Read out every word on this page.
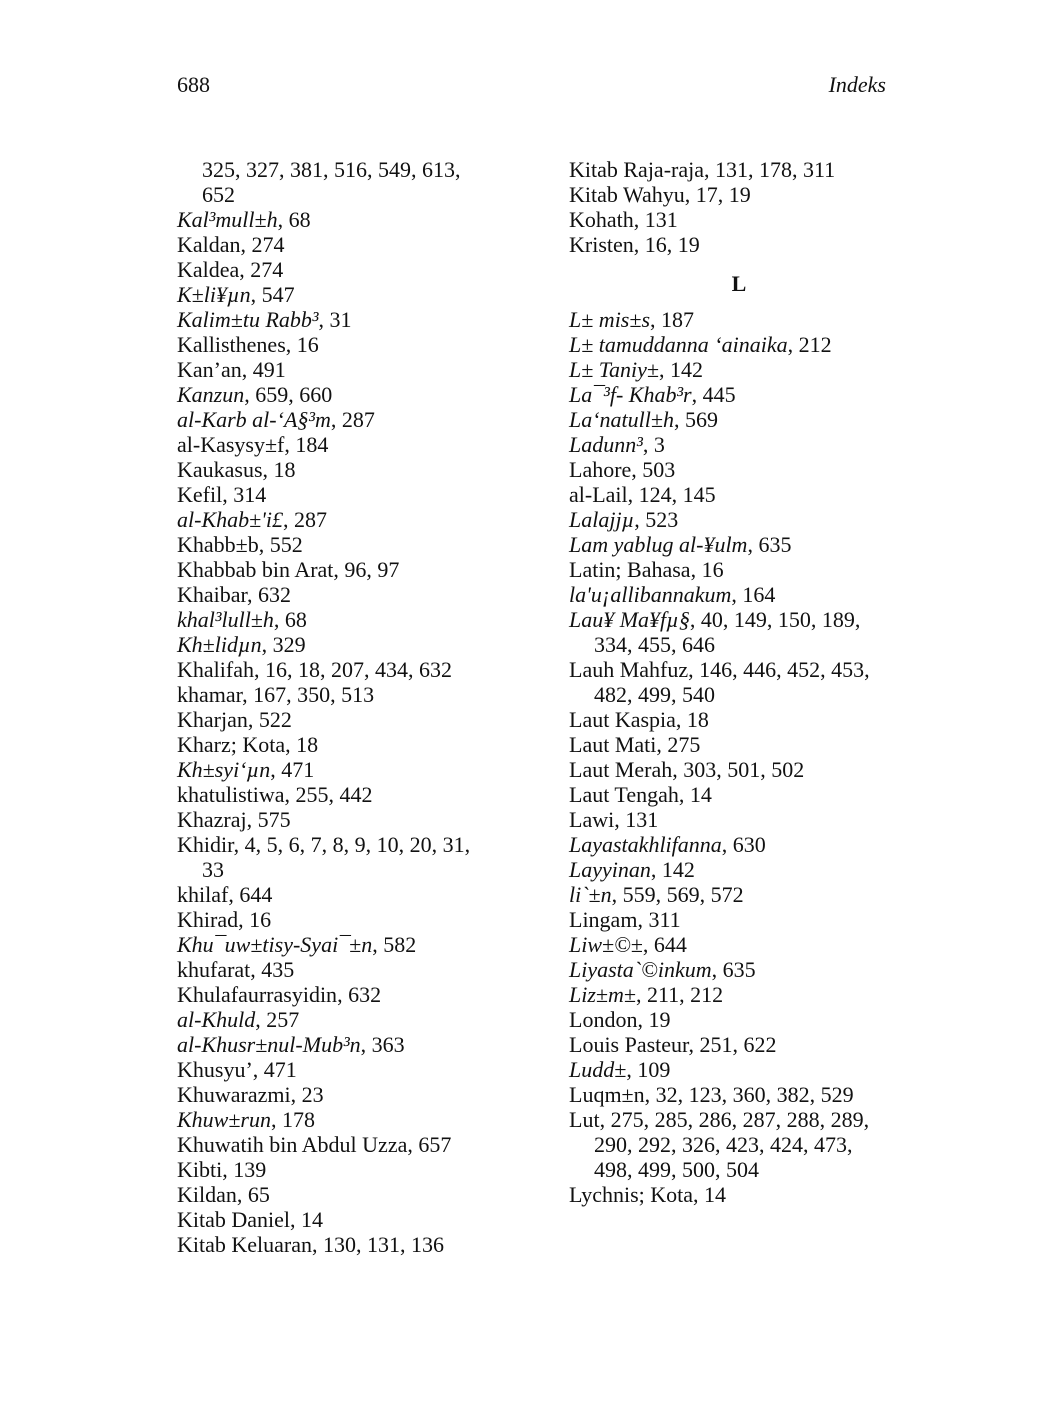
688	Indeks
325, 327, 381, 516, 549, 613,
652
Kal³mull±h, 68
Kaldan, 274
Kaldea, 274
K±li¥µn, 547
Kalim±tu Rabb³, 31
Kallisthenes, 16
Kan’an, 491
Kanzun, 659, 660
al-Karb al-‘A§³m, 287
al-Kasysy±f, 184
Kaukasus, 18
Kefil, 314
al-Khab±'i£, 287
Khabb±b, 552
Khabbab bin Arat, 96, 97
Khaibar, 632
khal³lull±h, 68
Kh±lidµn, 329
Khalifah, 16, 18, 207, 434, 632
khamar, 167, 350, 513
Kharjan, 522
Kharz; Kota, 18
Kh±syi‘µn, 471
khatulistiwa, 255, 442
Khazraj, 575
Khidir, 4, 5, 6, 7, 8, 9, 10, 20, 31,
33
khilaf, 644
Khirad, 16
Khu¯uw±tisy-Syai¯±n, 582
khufarat, 435
Khulafaurrasyidin, 632
al-Khuld, 257
al-Khusr±nul-Mub³n, 363
Khusyu’, 471
Khuwarazmi, 23
Khuw±run, 178
Khuwatih bin Abdul Uzza, 657
Kibti, 139
Kildan, 65
Kitab Daniel, 14
Kitab Keluaran, 130, 131, 136
Kitab Raja-raja, 131, 178, 311
Kitab Wahyu, 17, 19
Kohath, 131
Kristen, 16, 19
L
L± mis±s, 187
L± tamuddanna ‘ainaika, 212
L± Taniy±, 142
La¯³f- Khab³r, 445
La‘natull±h, 569
Ladunn³, 3
Lahore, 503
al-Lail, 124, 145
Lalajjµ, 523
Lam yablug al-¥ulm, 635
Latin; Bahasa, 16
la'u¡allibannakum, 164
Lau¥ Ma¥fµ§, 40, 149, 150, 189,
334, 455, 646
Lauh Mahfuz, 146, 446, 452, 453,
482, 499, 540
Laut Kaspia, 18
Laut Mati, 275
Laut Merah, 303, 501, 502
Laut Tengah, 14
Lawi, 131
Layastakhlifanna, 630
Layyinan, 142
li`±n, 559, 569, 572
Lingam, 311
Liw±©±, 644
Liyasta`©inkum, 635
Liz±m±, 211, 212
London, 19
Louis Pasteur, 251, 622
Ludd±, 109
Luqm±n, 32, 123, 360, 382, 529
Lut, 275, 285, 286, 287, 288, 289,
290, 292, 326, 423, 424, 473,
498, 499, 500, 504
Lychnis; Kota, 14
